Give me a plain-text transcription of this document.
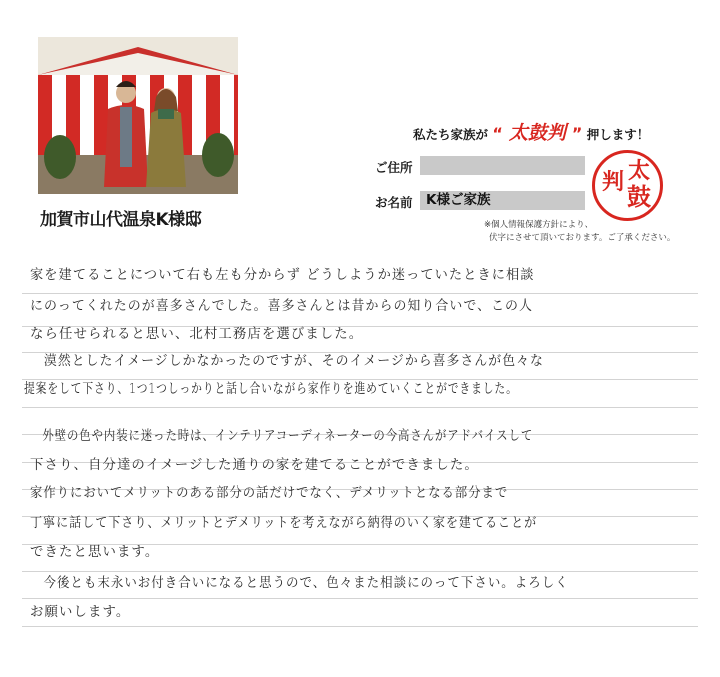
加賀市山代温泉K様邸
私たち家族が “ 太鼓判 ” 押します！
ご住所
お名前 K様ご家族
※個人情報保護方針により、
伏字にさせて頂いております。ご了承ください。
太
判 鼓
家を建てることについて右も左も分からず どうしようか迷っていたときに相談
にのってくれたのが喜多さんでした。喜多さんとは昔からの知り合いで、この人
なら任せられると思い、北村工務店を選びました。
　漠然としたイメージしかなかったのですが、そのイメージから喜多さんが色々な
提案をして下さり、1つ1つしっかりと話し合いながら家作りを進めていくことができました。
　外壁の色や内装に迷った時は、インテリアコーディネーターの今高さんがアドバイスして
下さり、自分達のイメージした通りの家を建てることができました。
家作りにおいてメリットのある部分の話だけでなく、デメリットとなる部分まで
丁寧に話して下さり、メリットとデメリットを考えながら納得のいく家を建てることが
できたと思います。
　今後とも末永いお付き合いになると思うので、色々また相談にのって下さい。よろしく
お願いします。
